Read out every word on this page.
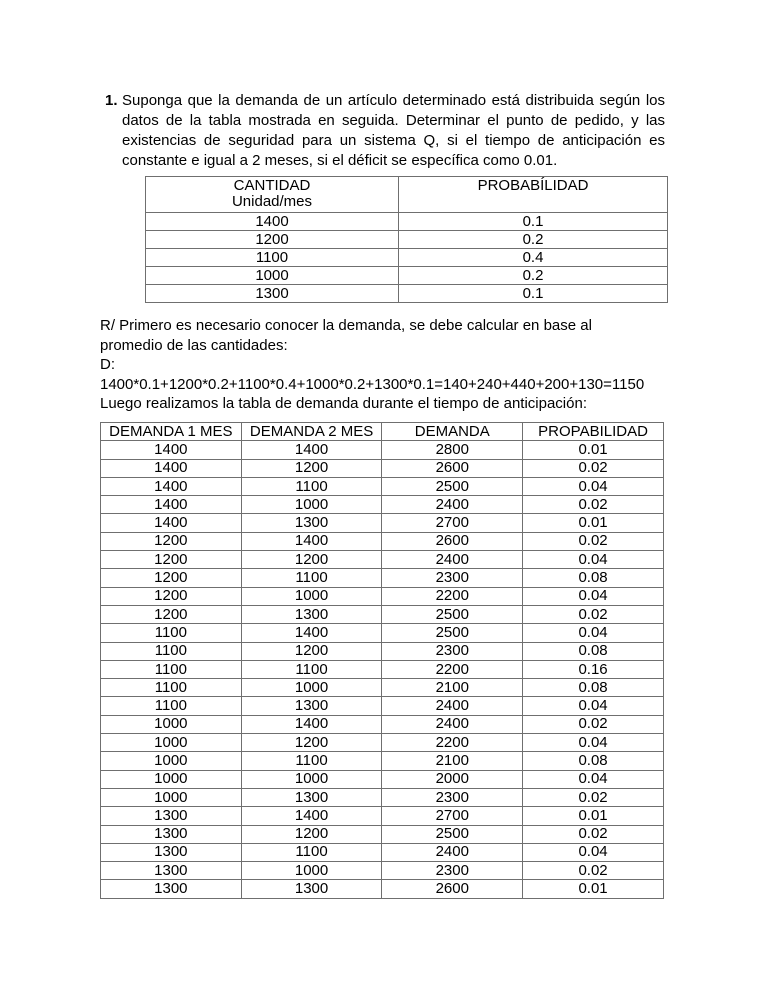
1. Suponga que la demanda de un artículo determinado está distribuida según los datos de la tabla mostrada en seguida. Determinar el punto de pedido, y las existencias de seguridad para un sistema Q, si el tiempo de anticipación es constante e igual a 2 meses, si el déficit se específica como 0.01.
CANTIDAD
Unidad/mes	PROBABÍLIDAD
1400	0.1
1200	0.2
1100	0.4
1000	0.2
1300	0.1
R/ Primero es necesario conocer la demanda, se debe calcular en base al
promedio de las cantidades:
D:
1400*0.1+1200*0.2+1100*0.4+1000*0.2+1300*0.1=140+240+440+200+130=1150
Luego realizamos la tabla de demanda durante el tiempo de anticipación:
DEMANDA 1 MES	DEMANDA 2 MES	DEMANDA	PROPABILIDAD
1400	1400	2800	0.01
1400	1200	2600	0.02
1400	1100	2500	0.04
1400	1000	2400	0.02
1400	1300	2700	0.01
1200	1400	2600	0.02
1200	1200	2400	0.04
1200	1100	2300	0.08
1200	1000	2200	0.04
1200	1300	2500	0.02
1100	1400	2500	0.04
1100	1200	2300	0.08
1100	1100	2200	0.16
1100	1000	2100	0.08
1100	1300	2400	0.04
1000	1400	2400	0.02
1000	1200	2200	0.04
1000	1100	2100	0.08
1000	1000	2000	0.04
1000	1300	2300	0.02
1300	1400	2700	0.01
1300	1200	2500	0.02
1300	1100	2400	0.04
1300	1000	2300	0.02
1300	1300	2600	0.01
